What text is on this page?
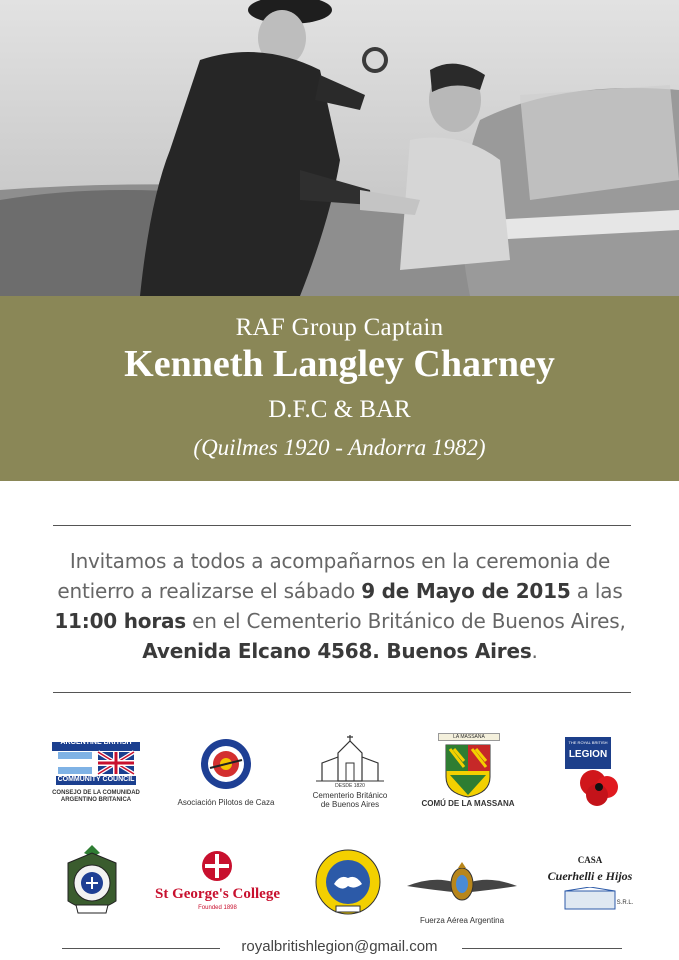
RAF Group Captain
Kenneth Langley Charney
D.F.C & BAR
(Quilmes 1920 - Andorra 1982)
Invitamos a todos a acompañarnos en la ceremonia de entierro a realizarse el sábado 9 de Mayo de 2015 a las
11:00 horas en el Cementerio Británico de Buenos Aires,
Avenida Elcano 4568. Buenos Aires.
ARGENTINE BRITISH
COMMUNITY COUNCIL
CONSEJO DE LA COMUNIDAD
ARGENTINO BRITANICA	Asociación Pilotos de Caza
DESDE 1820
Cementerio Británico
de Buenos Aires
LA MASSANA
COMÚ DE LA MASSANA
THE ROYAL BRITISH
LEGION
St George's College
Founded 1898
Fuerza Aérea Argentina
CASA
Cuerhelli e Hijos
S.R.L.
royalbritishlegion@gmail.com
